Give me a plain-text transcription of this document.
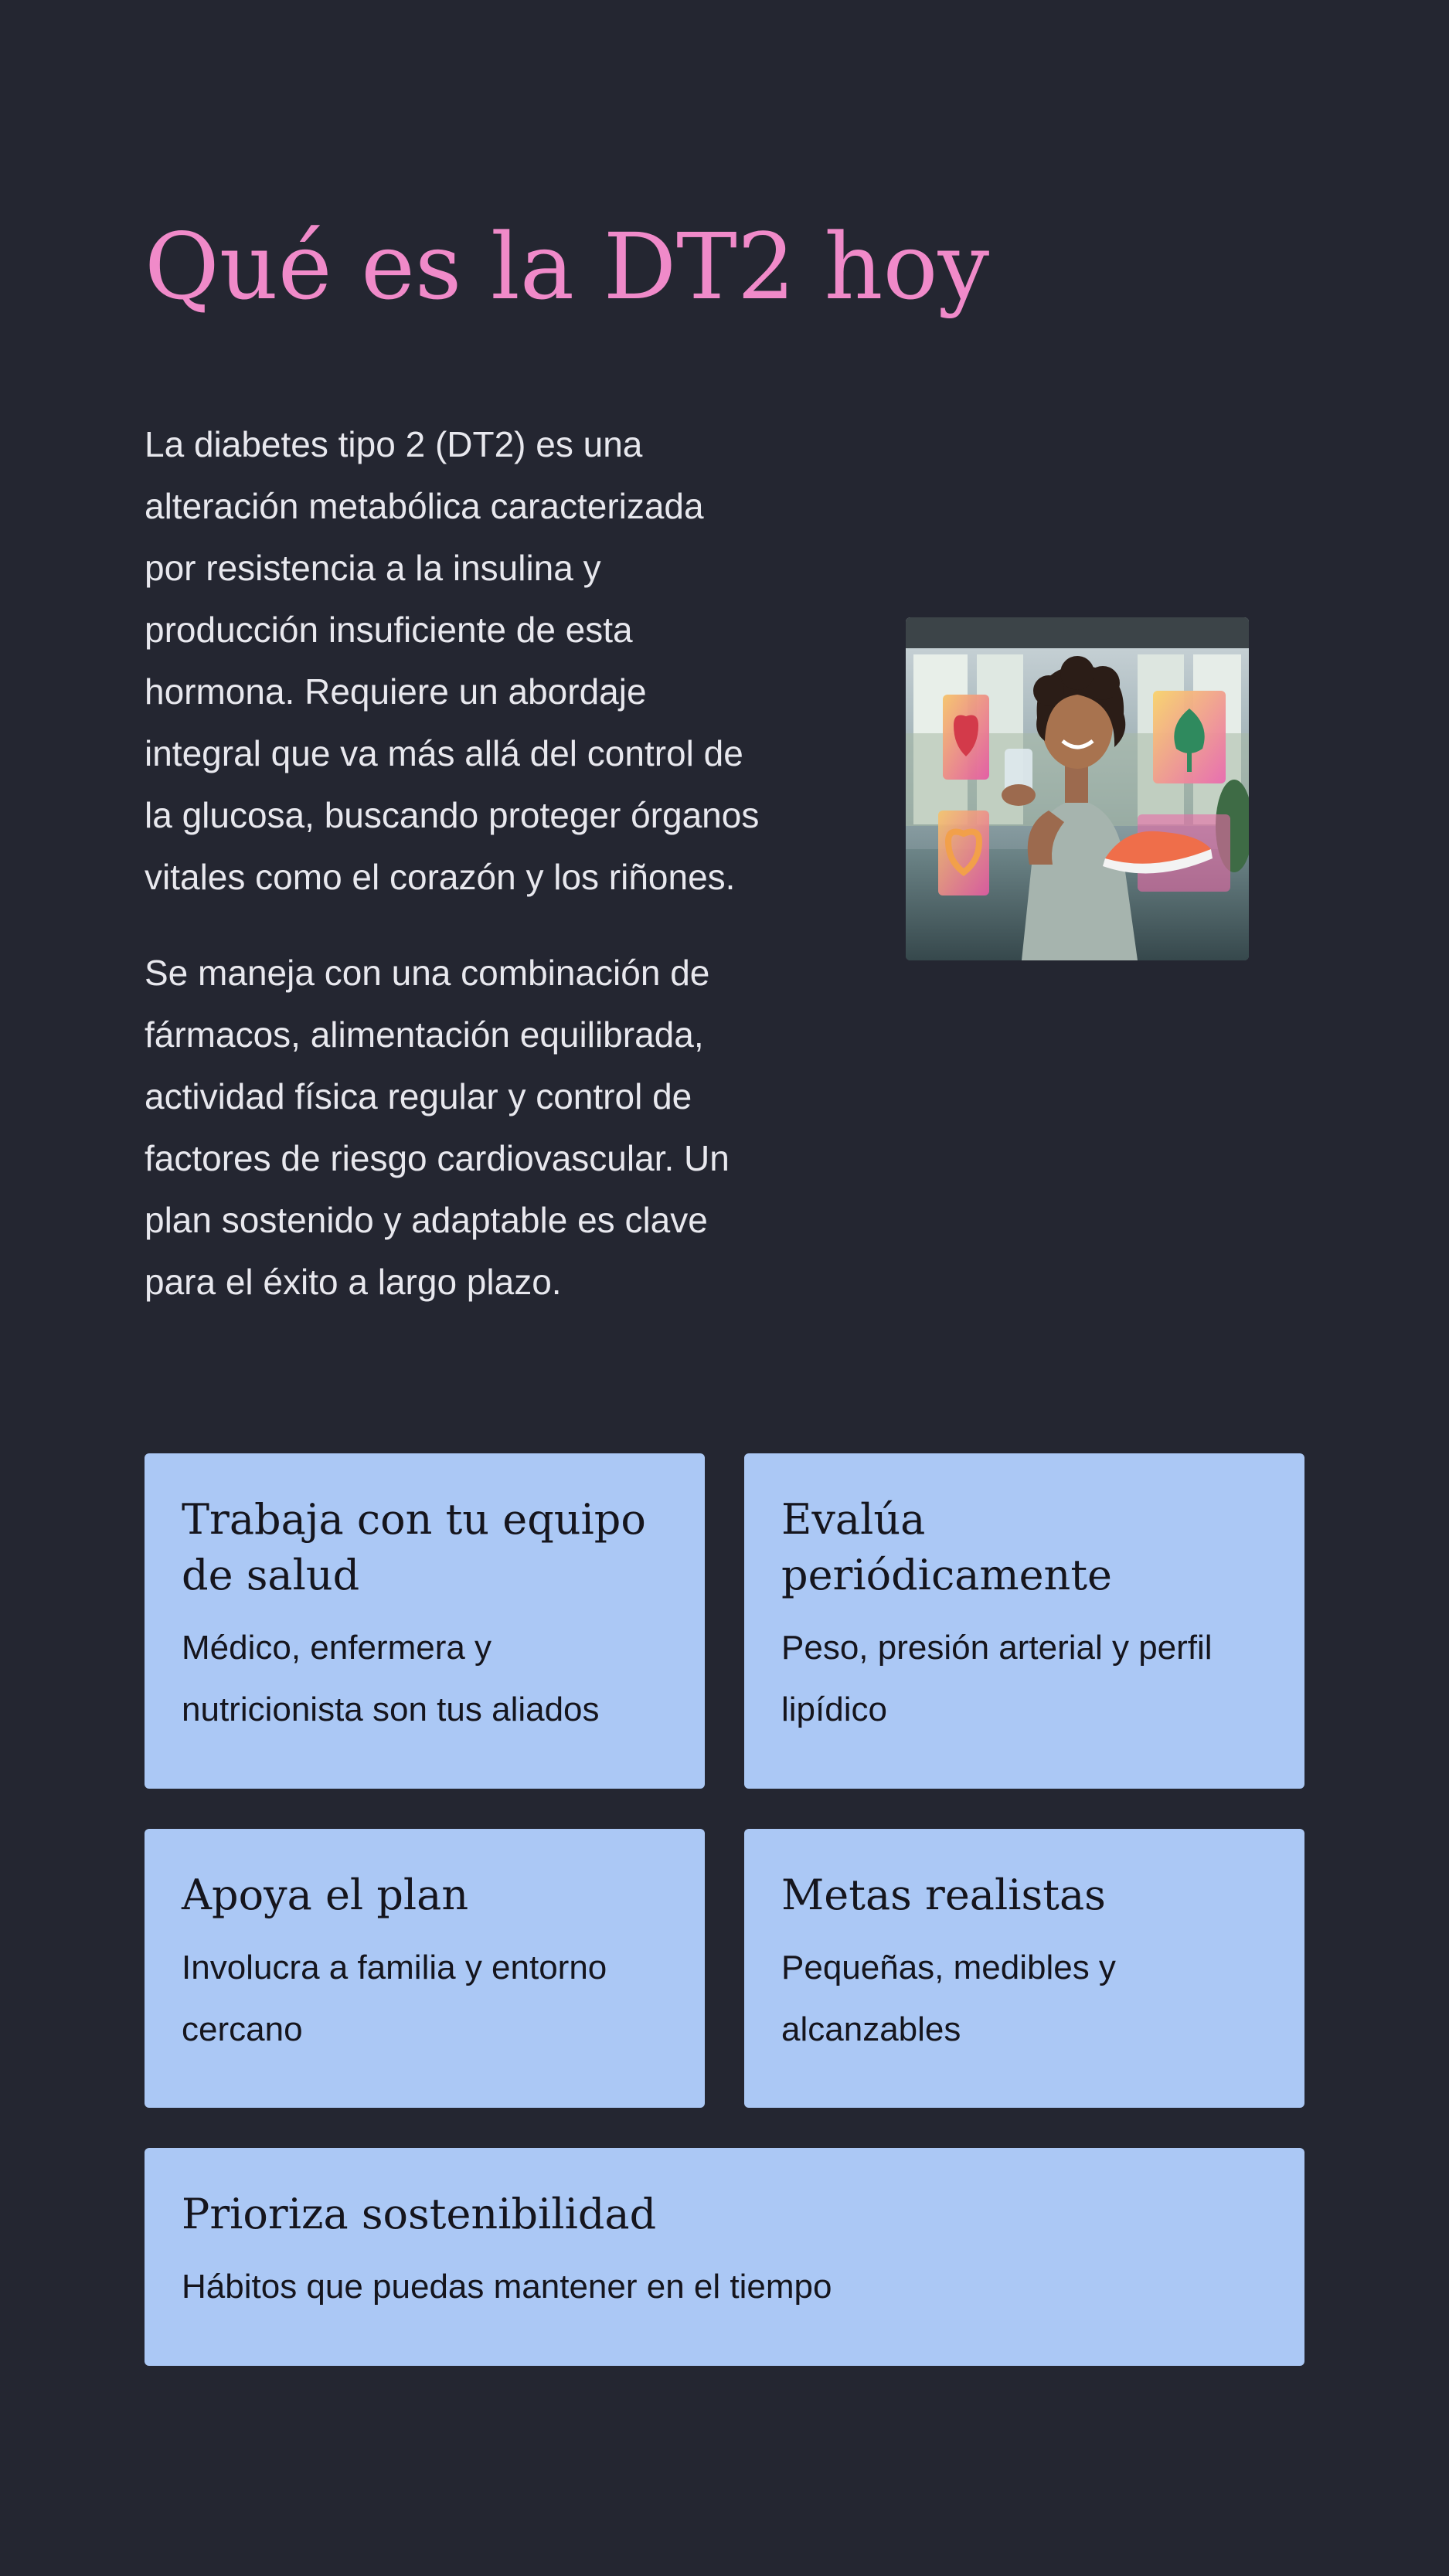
Qué es la DT2 hoy

La diabetes tipo 2 (DT2) es una alteración metabólica caracterizada por resistencia a la insulina y producción insuficiente de esta hormona. Requiere un abordaje integral que va más allá del control de la glucosa, buscando proteger órganos vitales como el corazón y los riñones.

Se maneja con una combinación de fármacos, alimentación equilibrada, actividad física regular y control de factores de riesgo cardiovascular. Un plan sostenido y adaptable es clave para el éxito a largo plazo.

Trabaja con tu equipo de salud

Médico, enfermera y nutricionista son tus aliados

Evalúa periódicamente

Peso, presión arterial y perfil lipídico

Apoya el plan

Involucra a familia y entorno cercano

Metas realistas

Pequeñas, medibles y alcanzables

Prioriza sostenibilidad

Hábitos que puedas mantener en el tiempo
